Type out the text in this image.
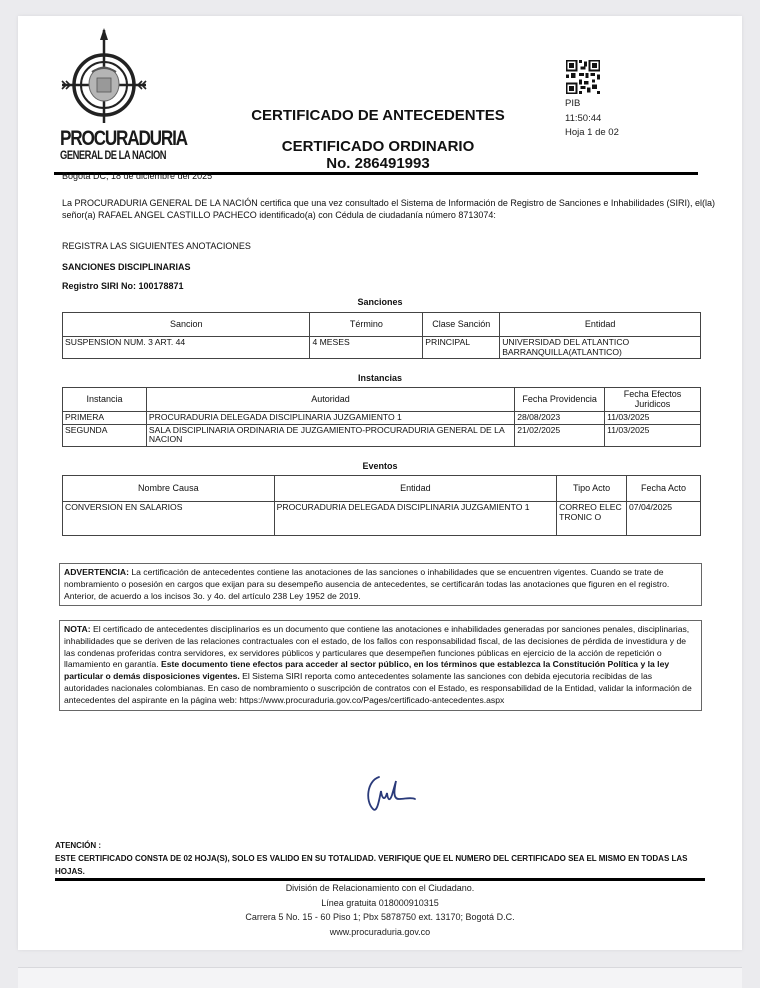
PROCURADURIA
GENERAL DE LA NACION
CERTIFICADO DE ANTECEDENTES
CERTIFICADO ORDINARIO
No. 286491993
PIB
11:50:44
Hoja 1 de 02
Bogotá DC, 18 de diciembre del 2025
La PROCURADURIA GENERAL DE LA NACIÓN certifica que una vez consultado el Sistema de Información de Registro de Sanciones e Inhabilidades (SIRI), el(la) señor(a) RAFAEL ANGEL CASTILLO PACHECO identificado(a) con Cédula de ciudadanía número 8713074:
REGISTRA LAS SIGUIENTES ANOTACIONES
SANCIONES DISCIPLINARIAS
Registro SIRI No: 100178871
Sanciones
Sancion	Término	Clase Sanción	Entidad
SUSPENSION NUM. 3 ART. 44	4 MESES	PRINCIPAL	UNIVERSIDAD DEL ATLANTICO BARRANQUILLA(ATLANTICO)
Instancias
Instancia	Autoridad	Fecha Providencia	Fecha Efectos Juridicos
PRIMERA	PROCURADURIA DELEGADA DISCIPLINARIA JUZGAMIENTO 1	28/08/2023	11/03/2025
SEGUNDA	SALA DISCIPLINARIA ORDINARIA DE JUZGAMIENTO-PROCURADURIA GENERAL DE LA NACION	21/02/2025	11/03/2025
Eventos
Nombre Causa	Entidad	Tipo Acto	Fecha Acto
CONVERSION EN SALARIOS	PROCURADURIA DELEGADA DISCIPLINARIA JUZGAMIENTO 1	CORREO ELECTRONIC O	07/04/2025
ADVERTENCIA: La certificación de antecedentes contiene las anotaciones de las sanciones o inhabilidades que se encuentren vigentes. Cuando se trate de nombramiento o posesión en cargos que exijan para su desempeño ausencia de antecedentes, se certificarán todas las anotaciones que figuren en el registro. Anterior, de acuerdo a los incisos 3o. y 4o. del artículo 238 Ley 1952 de 2019.
NOTA: El certificado de antecedentes disciplinarios es un documento que contiene las anotaciones e inhabilidades generadas por sanciones penales, disciplinarias, inhabilidades que se deriven de las relaciones contractuales con el estado, de los fallos con responsabilidad fiscal, de las decisiones de pérdida de investidura y de las condenas proferidas contra servidores, ex servidores públicos y particulares que desempeñen funciones públicas en ejercicio de la acción de repetición o llamamiento en garantía. Este documento tiene efectos para acceder al sector público, en los términos que establezca la Constitución Política y la ley particular o demás disposiciones vigentes. El Sistema SIRI reporta como antecedentes solamente las sanciones con debida ejecutoria recibidas de las autoridades nacionales colombianas. En caso de nombramiento o suscripción de contratos con el Estado, es responsabilidad de la Entidad, validar la información de antecedentes del aspirante en la página web: https://www.procuraduria.gov.co/Pages/certificado-antecedentes.aspx
ATENCIÓN :
ESTE CERTIFICADO CONSTA DE 02 HOJA(S), SOLO ES VALIDO EN SU TOTALIDAD. VERIFIQUE QUE EL NUMERO DEL CERTIFICADO SEA EL MISMO EN TODAS LAS HOJAS.
División de Relacionamiento con el Ciudadano.
Línea gratuita 018000910315
Carrera 5 No. 15 - 60 Piso 1; Pbx 5878750 ext. 13170; Bogotá D.C.
www.procuraduria.gov.co
